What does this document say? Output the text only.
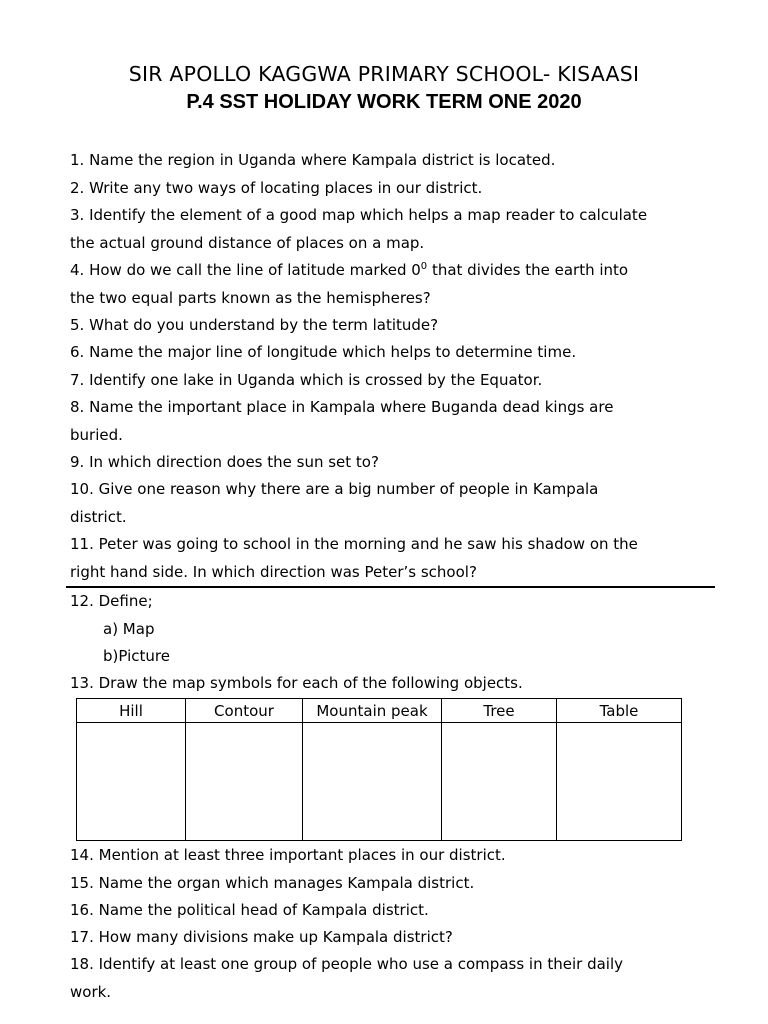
SIR APOLLO KAGGWA PRIMARY SCHOOL- KISAASI
P.4 SST HOLIDAY WORK TERM ONE 2020
1. Name the region in Uganda where Kampala district is located.
2. Write any two ways of locating places in our district.
3. Identify the element of a good map which helps a map reader to calculate
the actual ground distance of places on a map.
4. How do we call the line of latitude marked $0^0$ that divides the earth into
the two equal parts known as the hemispheres?
5. What do you understand by the term latitude?
6. Name the major line of longitude which helps to determine time.
7. Identify one lake in Uganda which is crossed by the Equator.
8. Name the important place in Kampala where Buganda dead kings are
buried.
9. In which direction does the sun set to?
10. Give one reason why there are a big number of people in Kampala
district.
11. Peter was going to school in the morning and he saw his shadow on the
right hand side. In which direction was Peter’s school?
12. Define;
a) Map
b)Picture
13. Draw the map symbols for each of the following objects.
Hill	Contour	Mountain peak	Tree	Table

14. Mention at least three important places in our district.
15. Name the organ which manages Kampala district.
16. Name the political head of Kampala district.
17. How many divisions make up Kampala district?
18. Identify at least one group of people who use a compass in their daily
work.
